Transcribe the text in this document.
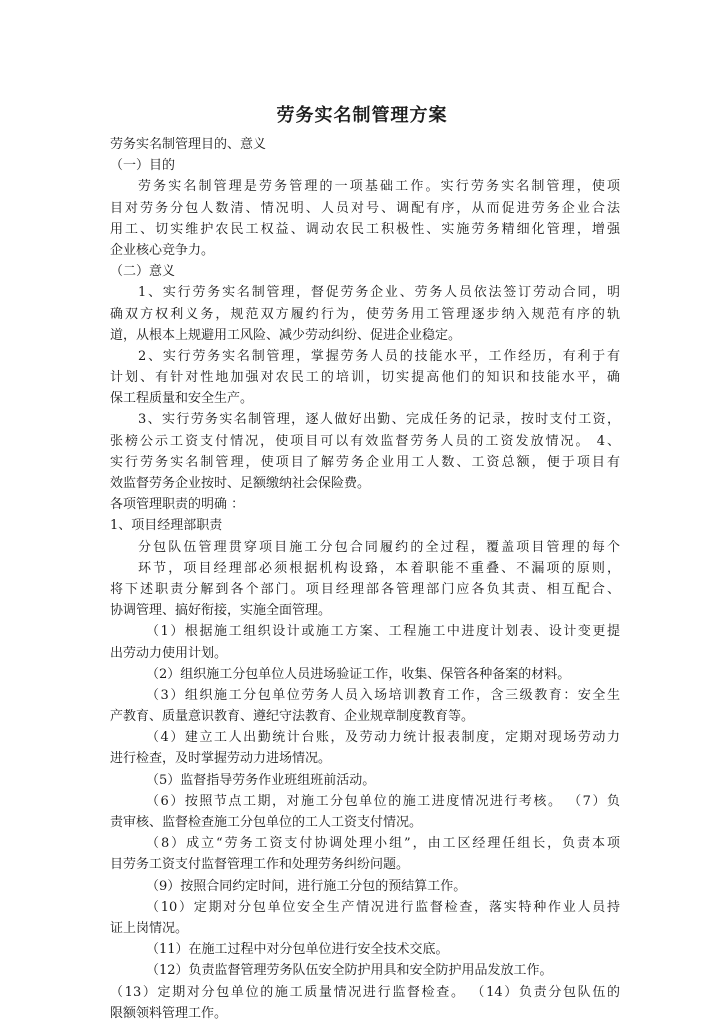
劳务实名制管理方案
劳务实名制管理目的、意义
（一）目的
劳务实名制管理是劳务管理的一项基础工作。实行劳务实名制管理，使项
目对劳务分包人数清、情况明、人员对号、调配有序，从而促进劳务企业合法
用工、切实维护农民工权益、调动农民工积极性、实施劳务精细化管理，增强
企业核心竞争力。
（二）意义
1、实行劳务实名制管理，督促劳务企业、劳务人员依法签订劳动合同，明
确双方权利义务，规范双方履约行为，使劳务用工管理逐步纳入规范有序的轨
道，从根本上规避用工风险、减少劳动纠纷、促进企业稳定。
2、实行劳务实名制管理，掌握劳务人员的技能水平，工作经历，有利于有
计划、有针对性地加强对农民工的培训，切实提高他们的知识和技能水平，确
保工程质量和安全生产。
3、实行劳务实名制管理，逐人做好出勤、完成任务的记录，按时支付工资，
张榜公示工资支付情况，使项目可以有效监督劳务人员的工资发放情况。 4、
实行劳务实名制管理，使项目了解劳务企业用工人数、工资总额，便于项目有
效监督劳务企业按时、足额缴纳社会保险费。
各项管理职责的明确 ：
1、项目经理部职责
分包队伍管理贯穿项目施工分包合同履约的全过程，覆盖项目管理的每个
环节，项目经理部必须根据机构设臵，本着职能不重叠、不漏项的原则，
将下述职责分解到各个部门。项目经理部各管理部门应各负其责、相互配合、
协调管理、搞好衔接，实施全面管理。
（1）根据施工组织设计或施工方案、工程施工中进度计划表、设计变更提
出劳动力使用计划。
（2）组织施工分包单位人员进场验证工作，收集、保管各种备案的材料。
（3）组织施工分包单位劳务人员入场培训教育工作，含三级教育：安全生
产教育、质量意识教育、遵纪守法教育、企业规章制度教育等。
（4）建立工人出勤统计台账，及劳动力统计报表制度，定期对现场劳动力
进行检查，及时掌握劳动力进场情况。
（5）监督指导劳务作业班组班前活动。
（6）按照节点工期，对施工分包单位的施工进度情况进行考核。 （7）负
责审核、监督检查施工分包单位的工人工资支付情况。
（8）成立“劳务工资支付协调处理小组”，由工区经理任组长，负责本项
目劳务工资支付监督管理工作和处理劳务纠纷问题。
（9）按照合同约定时间，进行施工分包的预结算工作。
（10）定期对分包单位安全生产情况进行监督检查，落实特种作业人员持
证上岗情况。
（11）在施工过程中对分包单位进行安全技术交底。
（12）负责监督管理劳务队伍安全防护用具和安全防护用品发放工作。
（13）定期对分包单位的施工质量情况进行监督检查。 （14）负责分包队伍的
限额领料管理工作。
